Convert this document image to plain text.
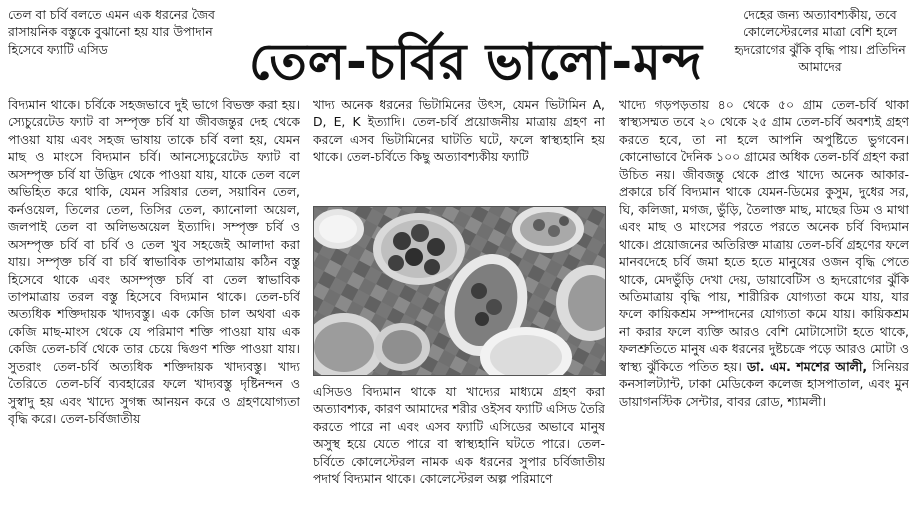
তেল-চর্বির ভালো-মন্দ

তেল বা চর্বি বলতে এমন এক ধরনের জৈব রাসায়নিক বস্তুকে বুঝানো হয় যার উপাদান হিসেবে ফ্যাটি এসিড

বিদ্যমান থাকে। চর্বিকে সহজভাবে দুই ভাগে বিভক্ত করা হয়। স্যেচুরেটেড ফ্যাট বা সম্পৃক্ত চর্বি যা জীবজন্তুর দেহ থেকে পাওয়া যায় এবং সহজ ভাষায় তাকে চর্বি বলা হয়, যেমন মাছ ও মাংসে বিদ্যমান চর্বি। আনস্যেচুরেটেড ফ্যাট বা অসম্পৃক্ত চর্বি যা উদ্ভিদ থেকে পাওয়া যায়, যাকে তেল বলে অভিহিত করে থাকি, যেমন সরিষার তেল, সয়াবিন তেল, কর্নওয়েল, তিলের তেল, তিসির তেল, ক্যানোলা অয়েল, জলপাই তেল বা অলিভঅয়েল ইত্যাদি। সম্পৃক্ত চর্বি ও অসম্পৃক্ত চর্বি বা চর্বি ও তেল খুব সহজেই আলাদা করা যায়। সম্পৃক্ত চর্বি বা চর্বি স্বাভাবিক তাপমাত্রায় কঠিন বস্তু হিসেবে থাকে এবং অসম্পৃক্ত চর্বি বা তেল স্বাভাবিক তাপমাত্রায় তরল বস্তু হিসেবে বিদ্যমান থাকে। তেল-চর্বি অত্যধিক শক্তিদায়ক খাদ্যবস্তু। এক কেজি চাল অথবা এক কেজি মাছ-মাংস থেকে যে পরিমাণ শক্তি পাওয়া যায় এক কেজি তেল-চর্বি থেকে তার চেয়ে দ্বিগুণ শক্তি পাওয়া যায়। সুতরাং তেল-চর্বি অত্যধিক শক্তিদায়ক খাদ্যবস্তু। খাদ্য তৈরিতে তেল-চর্বি ব্যবহারের ফলে খাদ্যবস্তু দৃষ্টিনন্দন ও সুস্বাদু হয় এবং খাদ্যে সুগন্ধ আনয়ন করে ও গ্রহণযোগ্যতা বৃদ্ধি করে। তেল-চর্বিজাতীয়

খাদ্য অনেক ধরনের ভিটামিনের উৎস, যেমন ভিটামিন A, D, E, K ইত্যাদি। তেল-চর্বি প্রয়োজনীয় মাত্রায় গ্রহণ না করলে এসব ভিটামিনের ঘাটতি ঘটে, ফলে স্বাস্থ্যহানি হয় থাকে। তেল-চর্বিতে কিছু অত্যাবশ্যকীয় ফ্যাটি

এসিডও বিদ্যমান থাকে যা খাদ্যের মাধ্যমে গ্রহণ করা অত্যাবশ্যক, কারণ আমাদের শরীর ওইসব ফ্যাটি এসিড তৈরি করতে পারে না এবং এসব ফ্যাটি এসিডের অভাবে মানুষ অসুস্থ হয়ে যেতে পারে বা স্বাস্থ্যহানি ঘটতে পারে। তেল-চর্বিতে কোলেস্টেরল নামক এক ধরনের সুপার চর্বিজাতীয় পদার্থ বিদ্যমান থাকে। কোলেস্টেরল অল্প পরিমাণে

দেহের জন্য অত্যাবশ্যকীয়, তবে কোলেস্টেরলের মাত্রা বেশি হলে হৃদরোগের ঝুঁকি বৃদ্ধি পায়। প্রতিদিন আমাদের

খাদ্যে গড়পড়তায় ৪০ থেকে ৫০ গ্রাম তেল-চর্বি থাকা স্বাস্থ্যসম্মত তবে ২০ থেকে ২৫ গ্রাম তেল-চর্বি অবশ্যই গ্রহণ করতে হবে, তা না হলে আপনি অপুষ্টিতে ভুগবেন। কোনোভাবে দৈনিক ১০০ গ্রামের অধিক তেল-চর্বি গ্রহণ করা উচিত নয়। জীবজন্তু থেকে প্রাপ্ত খাদ্যে অনেক আকার-প্রকারে চর্বি বিদ্যমান থাকে যেমন-ডিমের কুসুম, দুধের সর, ঘি, কলিজা, মগজ, ভুঁড়ি, তৈলাক্ত মাছ, মাছের ডিম ও মাথা এবং মাছ ও মাংসের পরতে পরতে অনেক চর্বি বিদ্যমান থাকে। প্রয়োজনের অতিরিক্ত মাত্রায় তেল-চর্বি গ্রহণের ফলে মানবদেহে চর্বি জমা হতে হতে মানুষের ওজন বৃদ্ধি পেতে থাকে, মেদভুঁড়ি দেখা দেয়, ডায়াবেটিস ও হৃদরোগের ঝুঁকি অতিমাত্রায় বৃদ্ধি পায়, শারীরিক যোগ্যতা কমে যায়, যার ফলে কায়িকশ্রম সম্পাদনের যোগ্যতা কমে যায়। কায়িকশ্রম না করার ফলে ব্যক্তি আরও বেশি মোটাসোটা হতে থাকে, ফলশ্রুতিতে মানুষ এক ধরনের দুষ্টচক্রে পড়ে আরও মোটা ও স্বাস্থ্য ঝুঁকিতে পতিত হয়। ডা. এম. শমশের আলী, সিনিয়র কনসালট্যান্ট, ঢাকা মেডিকেল কলেজ হাসপাতাল, এবং মুন ডায়াগনস্টিক সেন্টার, বাবর রোড, শ্যামলী।
